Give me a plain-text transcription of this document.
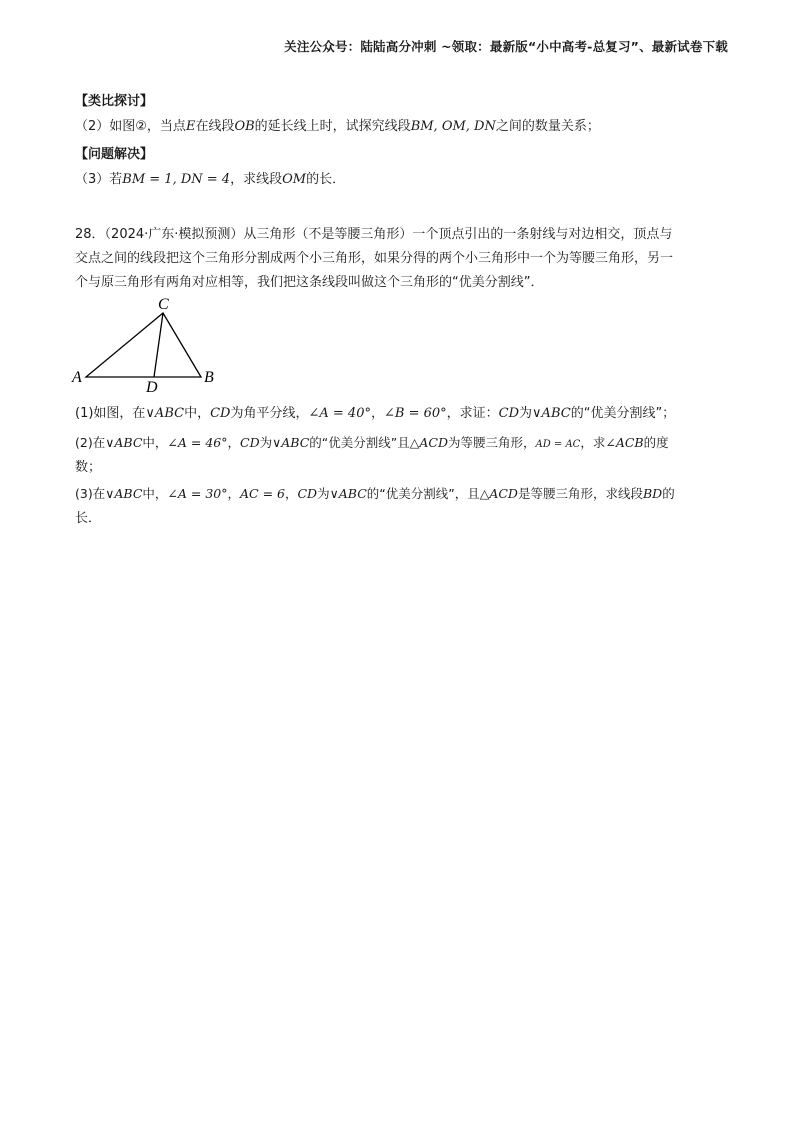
关注公众号：陆陆高分冲刺 ~领取：最新版“小中高考-总复习”、最新试卷下载
【类比探讨】
（2）如图②，当点E在线段OB的延长线上时，试探究线段BM, OM, DN之间的数量关系；
【问题解决】
（3）若BM = 1, DN = 4，求线段OM的长．
28．（2024·广东·模拟预测）从三角形（不是等腰三角形）一个顶点引出的一条射线与对边相交，顶点与
交点之间的线段把这个三角形分割成两个小三角形，如果分得的两个小三角形中一个为等腰三角形，另一
个与原三角形有两角对应相等，我们把这条线段叫做这个三角形的“优美分割线”．
C
A
D
B
(1)如图，在∨ABC中，CD为角平分线，∠A = 40°，∠B = 60°，求证：CD为∨ABC的“优美分割线”；
(2)在∨ABC中，∠A = 46°，CD为∨ABC的“优美分割线”且△ACD为等腰三角形，AD = AC，求∠ACB的度
数；
(3)在∨ABC中，∠A = 30°，AC = 6，CD为∨ABC的“优美分割线”，且△ACD是等腰三角形，求线段BD的
长．
